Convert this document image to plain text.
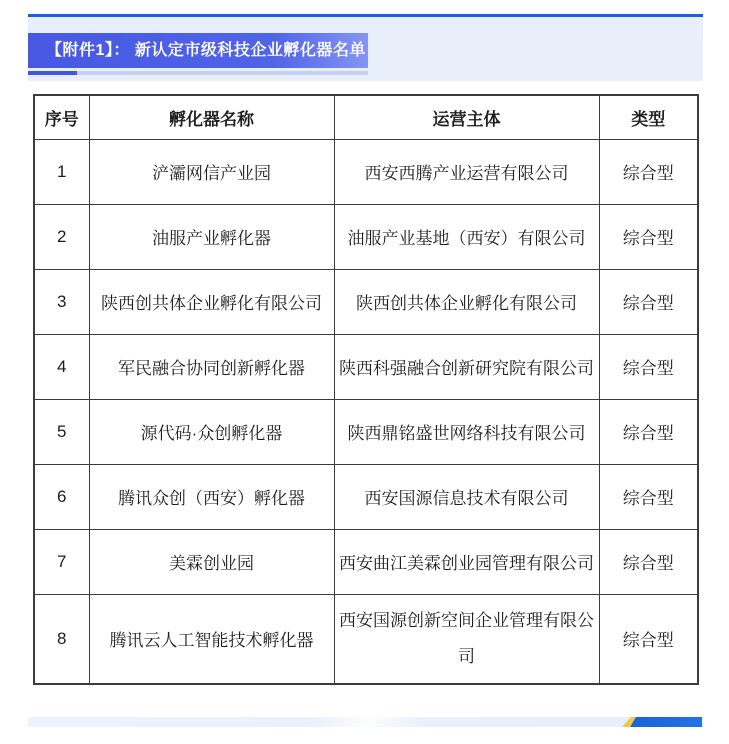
【附件1】： 新认定市级科技企业孵化器名单
序号	孵化器名称	运营主体	类型
1	浐灞网信产业园	西安西腾产业运营有限公司	综合型
2	油服产业孵化器	油服产业基地（西安）有限公司	综合型
3	陕西创共体企业孵化有限公司	陕西创共体企业孵化有限公司	综合型
4	军民融合协同创新孵化器	陕西科强融合创新研究院有限公司	综合型
5	源代码·众创孵化器	陕西鼎铭盛世网络科技有限公司	综合型
6	腾讯众创（西安）孵化器	西安国源信息技术有限公司	综合型
7	美霖创业园	西安曲江美霖创业园管理有限公司	综合型
8	腾讯云人工智能技术孵化器	西安国源创新空间企业管理有限公司	综合型
